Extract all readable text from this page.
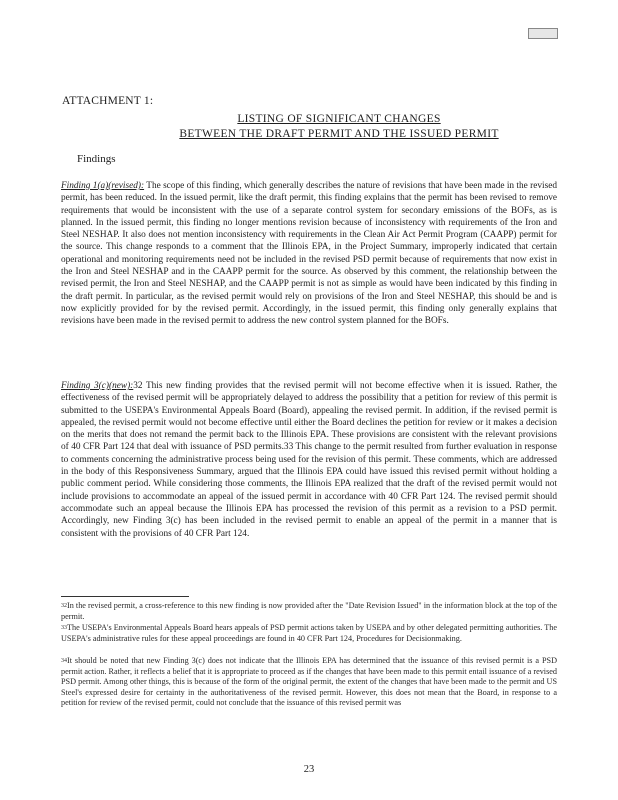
ATTACHMENT 1:
LISTING OF SIGNIFICANT CHANGES
BETWEEN THE DRAFT PERMIT AND THE ISSUED PERMIT
Findings

Finding 1(a)(revised): The scope of this finding, which generally describes the nature of revisions that have been made in the revised permit, has been reduced. In the issued permit, like the draft permit, this finding explains that the permit has been revised to remove requirements that would be inconsistent with the use of a separate control system for secondary emissions of the BOFs, as is planned. In the issued permit, this finding no longer mentions revision because of inconsistency with requirements of the Iron and Steel NESHAP. It also does not mention inconsistency with requirements in the Clean Air Act Permit Program (CAAPP) permit for the source. This change responds to a comment that the Illinois EPA, in the Project Summary, improperly indicated that certain operational and monitoring requirements need not be included in the revised PSD permit because of requirements that now exist in the Iron and Steel NESHAP and in the CAAPP permit for the source. As observed by this comment, the relationship between the revised permit, the Iron and Steel NESHAP, and the CAAPP permit is not as simple as would have been indicated by this finding in the draft permit. In particular, as the revised permit would rely on provisions of the Iron and Steel NESHAP, this should be and is now explicitly provided for by the revised permit. Accordingly, in the issued permit, this finding only generally explains that revisions have been made in the revised permit to address the new control system planned for the BOFs.

Finding 3(c)(new):32 This new finding provides that the revised permit will not become effective when it is issued. Rather, the effectiveness of the revised permit will be appropriately delayed to address the possibility that a petition for review of this permit is submitted to the USEPA's Environmental Appeals Board (Board), appealing the revised permit. In addition, if the revised permit is appealed, the revised permit would not become effective until either the Board declines the petition for review or it makes a decision on the merits that does not remand the permit back to the Illinois EPA. These provisions are consistent with the relevant provisions of 40 CFR Part 124 that deal with issuance of PSD permits.33 This change to the permit resulted from further evaluation in response to comments concerning the administrative process being used for the revision of this permit. These comments, which are addressed in the body of this Responsiveness Summary, argued that the Illinois EPA could have issued this revised permit without holding a public comment period. While considering those comments, the Illinois EPA realized that the draft of the revised permit would not include provisions to accommodate an appeal of the issued permit in accordance with 40 CFR Part 124. The revised permit should accommodate such an appeal because the Illinois EPA has processed the revision of this permit as a revision to a PSD permit. Accordingly, new Finding 3(c) has been included in the revised permit to enable an appeal of the permit in a manner that is consistent with the provisions of 40 CFR Part 124.

$^{32}$In the revised permit, a cross-reference to this new finding is now provided after the "Date Revision Issued" in the information block at the top of the permit.

$^{33}$The USEPA's Environmental Appeals Board hears appeals of PSD permit actions taken by USEPA and by other delegated permitting authorities. The USEPA's administrative rules for these appeal proceedings are found in 40 CFR Part 124, Procedures for Decisionmaking.

$^{34}$It should be noted that new Finding 3(c) does not indicate that the Illinois EPA has determined that the issuance of this revised permit is a PSD permit action. Rather, it reflects a belief that it is appropriate to proceed as if the changes that have been made to this permit entail issuance of a revised PSD permit. Among other things, this is because of the form of the original permit, the extent of the changes that have been made to the permit and US Steel's expressed desire for certainty in the authoritativeness of the revised permit. However, this does not mean that the Board, in response to a petition for review of the revised permit, could not conclude that the issuance of this revised permit was

23
